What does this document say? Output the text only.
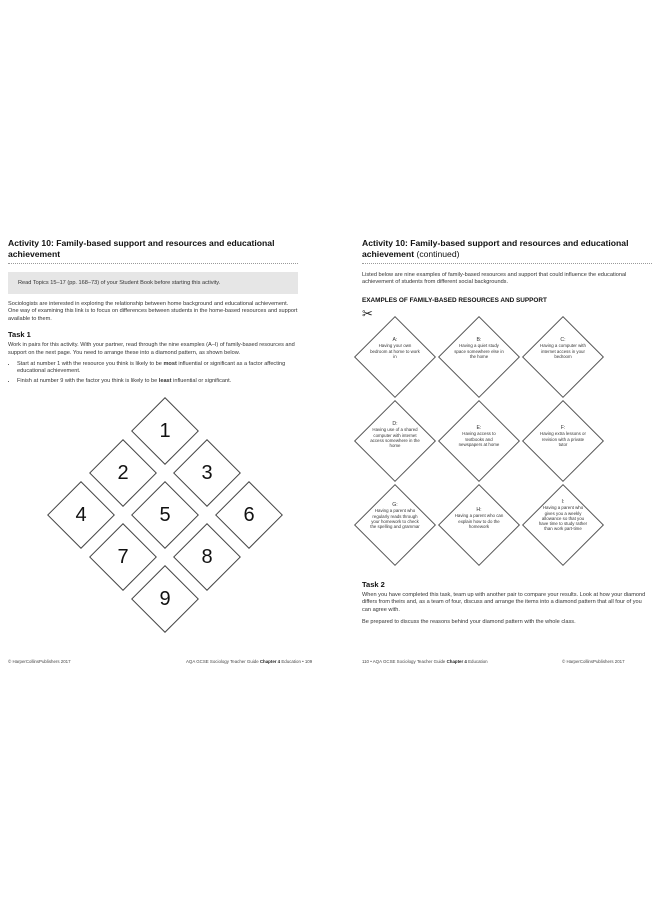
Activity 10: Family-based support and resources and educational achievement
Read Topics 15–17 (pp. 168–73) of your Student Book before starting this activity.
Sociologists are interested in exploring the relationship between home background and educational achievement. One way of examining this link is to focus on differences between students in the home-based resources and support available to them.
Task 1
Work in pairs for this activity. With your partner, read through the nine examples (A–I) of family-based resources and support on the next page. You need to arrange these into a diamond pattern, as shown below.
• Start at number 1 with the resource you think is likely to be most influential or significant as a factor affecting educational achievement.
• Finish at number 9 with the factor you think is likely to be least influential or significant.
1
2	3
4	5	6
7	8
9
Activity 10: Family-based support and resources and educational achievement (continued)
Listed below are nine examples of family-based resources and support that could influence the educational achievement of students from different social backgrounds.
EXAMPLES OF FAMILY-BASED RESOURCES AND SUPPORT
✂
A:
Having your own bedroom at home to work in
B:
Having a quiet study space somewhere else in the home
C:
Having a computer with internet access in your bedroom
D:
Having use of a shared computer with internet access somewhere in the home
E:
Having access to textbooks and newspapers at home
F:
Having extra lessons or revision with a private tutor
G:
Having a parent who regularly reads through your homework to check the spelling and grammar
H:
Having a parent who can explain how to do the homework
I:
Having a parent who gives you a weekly allowance so that you have time to study rather than work part-time
Task 2
When you have completed this task, team up with another pair to compare your results. Look at how your diamond differs from theirs and, as a team of four, discuss and arrange the items into a diamond pattern that all four of you can agree with.
Be prepared to discuss the reasons behind your diamond pattern with the whole class.
© HarperCollinsPublishers 2017	AQA GCSE Sociology Teacher Guide Chapter 4 Education • 109	110 • AQA GCSE Sociology Teacher Guide Chapter 4 Education	© HarperCollinsPublishers 2017
